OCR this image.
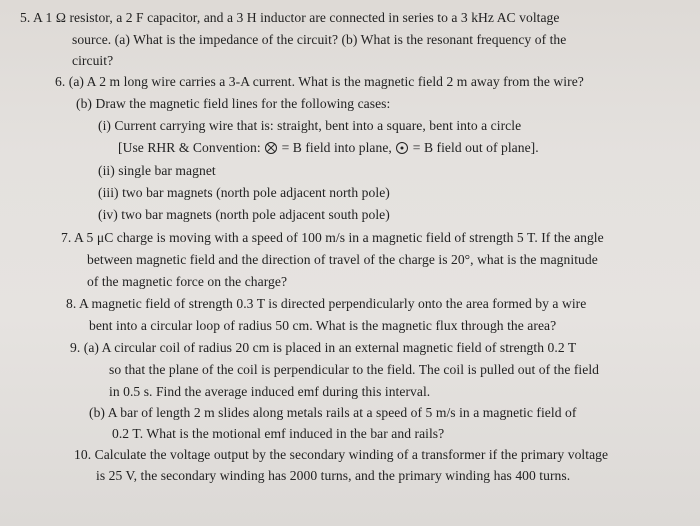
5. A 1 Ω resistor, a 2 F capacitor, and a 3 H inductor are connected in series to a 3 kHz AC voltage
source. (a) What is the impedance of the circuit? (b) What is the resonant frequency of the
circuit?
6. (a) A 2 m long wire carries a 3-A current. What is the magnetic field 2 m away from the wire?
(b) Draw the magnetic field lines for the following cases:
(i) Current carrying wire that is: straight, bent into a square, bent into a circle
[Use RHR & Convention: = B field into plane, = B field out of plane].
(ii) single bar magnet
(iii) two bar magnets (north pole adjacent north pole)
(iv) two bar magnets (north pole adjacent south pole)
7. A 5 μC charge is moving with a speed of 100 m/s in a magnetic field of strength 5 T. If the angle
between magnetic field and the direction of travel of the charge is 20°, what is the magnitude
of the magnetic force on the charge?
8. A magnetic field of strength 0.3 T is directed perpendicularly onto the area formed by a wire
bent into a circular loop of radius 50 cm. What is the magnetic flux through the area?
9. (a) A circular coil of radius 20 cm is placed in an external magnetic field of strength 0.2 T
so that the plane of the coil is perpendicular to the field. The coil is pulled out of the field
in 0.5 s. Find the average induced emf during this interval.
(b) A bar of length 2 m slides along metals rails at a speed of 5 m/s in a magnetic field of
0.2 T. What is the motional emf induced in the bar and rails?
10. Calculate the voltage output by the secondary winding of a transformer if the primary voltage
is 25 V, the secondary winding has 2000 turns, and the primary winding has 400 turns.
